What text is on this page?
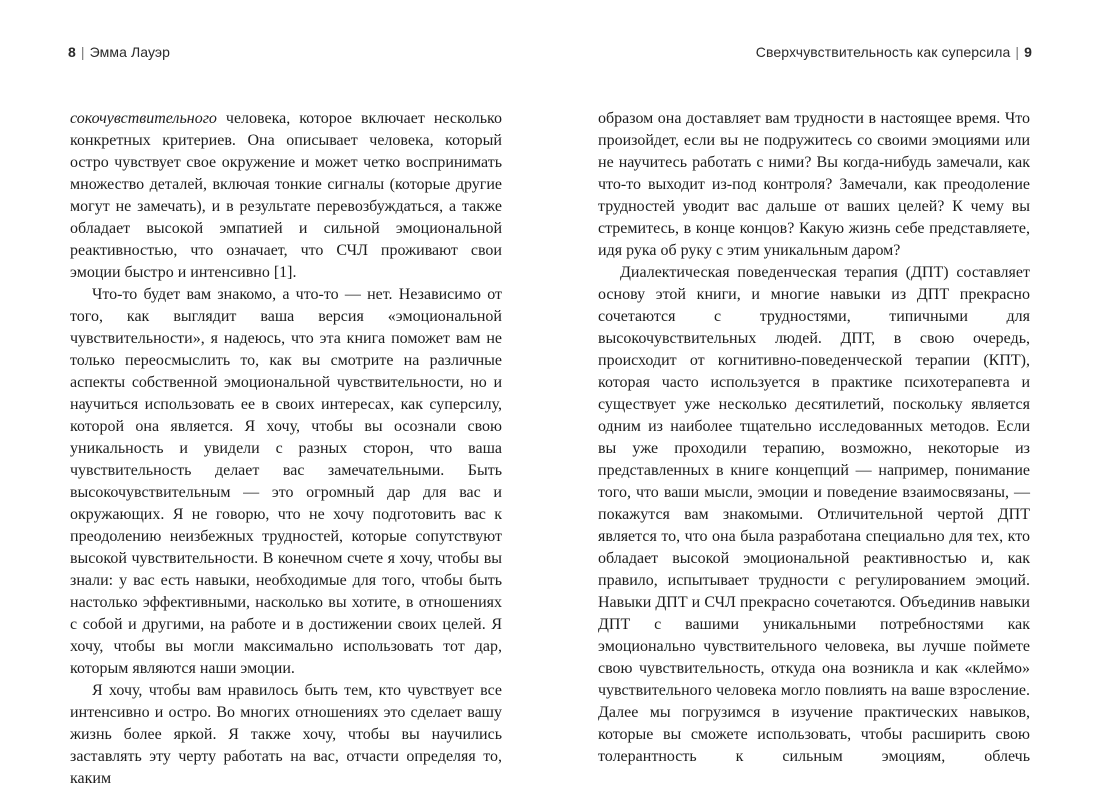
8 | Эмма Лауэр

сокочувствительного человека, которое включает несколько конкретных критериев. Она описывает человека, который остро чувствует свое окружение и может четко воспринимать множество деталей, включая тонкие сигналы (которые другие могут не замечать), и в результате перевозбуждаться, а также обладает высокой эмпатией и сильной эмоциональной реактивностью, что означает, что СЧЛ проживают свои эмоции быстро и интенсивно [1].

Что-то будет вам знакомо, а что-то — нет. Независимо от того, как выглядит ваша версия «эмоциональной чувствительности», я надеюсь, что эта книга поможет вам не только переосмыслить то, как вы смотрите на различные аспекты собственной эмоциональной чувствительности, но и научиться использовать ее в своих интересах, как суперсилу, которой она является. Я хочу, чтобы вы осознали свою уникальность и увидели с разных сторон, что ваша чувствительность делает вас замечательными. Быть высокочувствительным — это огромный дар для вас и окружающих. Я не говорю, что не хочу подготовить вас к преодолению неизбежных трудностей, которые сопутствуют высокой чувствительности. В конечном счете я хочу, чтобы вы знали: у вас есть навыки, необходимые для того, чтобы быть настолько эффективными, насколько вы хотите, в отношениях с собой и другими, на работе и в достижении своих целей. Я хочу, чтобы вы могли максимально использовать тот дар, которым являются наши эмоции.

Я хочу, чтобы вам нравилось быть тем, кто чувствует все интенсивно и остро. Во многих отношениях это сделает вашу жизнь более яркой. Я также хочу, чтобы вы научились заставлять эту черту работать на вас, отчасти определяя то, каким

Сверхчувствительность как суперсила | 9

образом она доставляет вам трудности в настоящее время. Что произойдет, если вы не подружитесь со своими эмоциями или не научитесь работать с ними? Вы когда-нибудь замечали, как что-то выходит из-под контроля? Замечали, как преодоление трудностей уводит вас дальше от ваших целей? К чему вы стремитесь, в конце концов? Какую жизнь себе представляете, идя рука об руку с этим уникальным даром?

Диалектическая поведенческая терапия (ДПТ) составляет основу этой книги, и многие навыки из ДПТ прекрасно сочетаются с трудностями, типичными для высокочувствительных людей. ДПТ, в свою очередь, происходит от когнитивно-поведенческой терапии (КПТ), которая часто используется в практике психотерапевта и существует уже несколько десятилетий, поскольку является одним из наиболее тщательно исследованных методов. Если вы уже проходили терапию, возможно, некоторые из представленных в книге концепций — например, понимание того, что ваши мысли, эмоции и поведение взаимосвязаны, — покажутся вам знакомыми. Отличительной чертой ДПТ является то, что она была разработана специально для тех, кто обладает высокой эмоциональной реактивностью и, как правило, испытывает трудности с регулированием эмоций. Навыки ДПТ и СЧЛ прекрасно сочетаются. Объединив навыки ДПТ с вашими уникальными потребностями как эмоционально чувствительного человека, вы лучше поймете свою чувствительность, откуда она возникла и как «клеймо» чувствительного человека могло повлиять на ваше взросление. Далее мы погрузимся в изучение практических навыков, которые вы сможете использовать, чтобы расширить свою толерантность к сильным эмоциям, облечь
